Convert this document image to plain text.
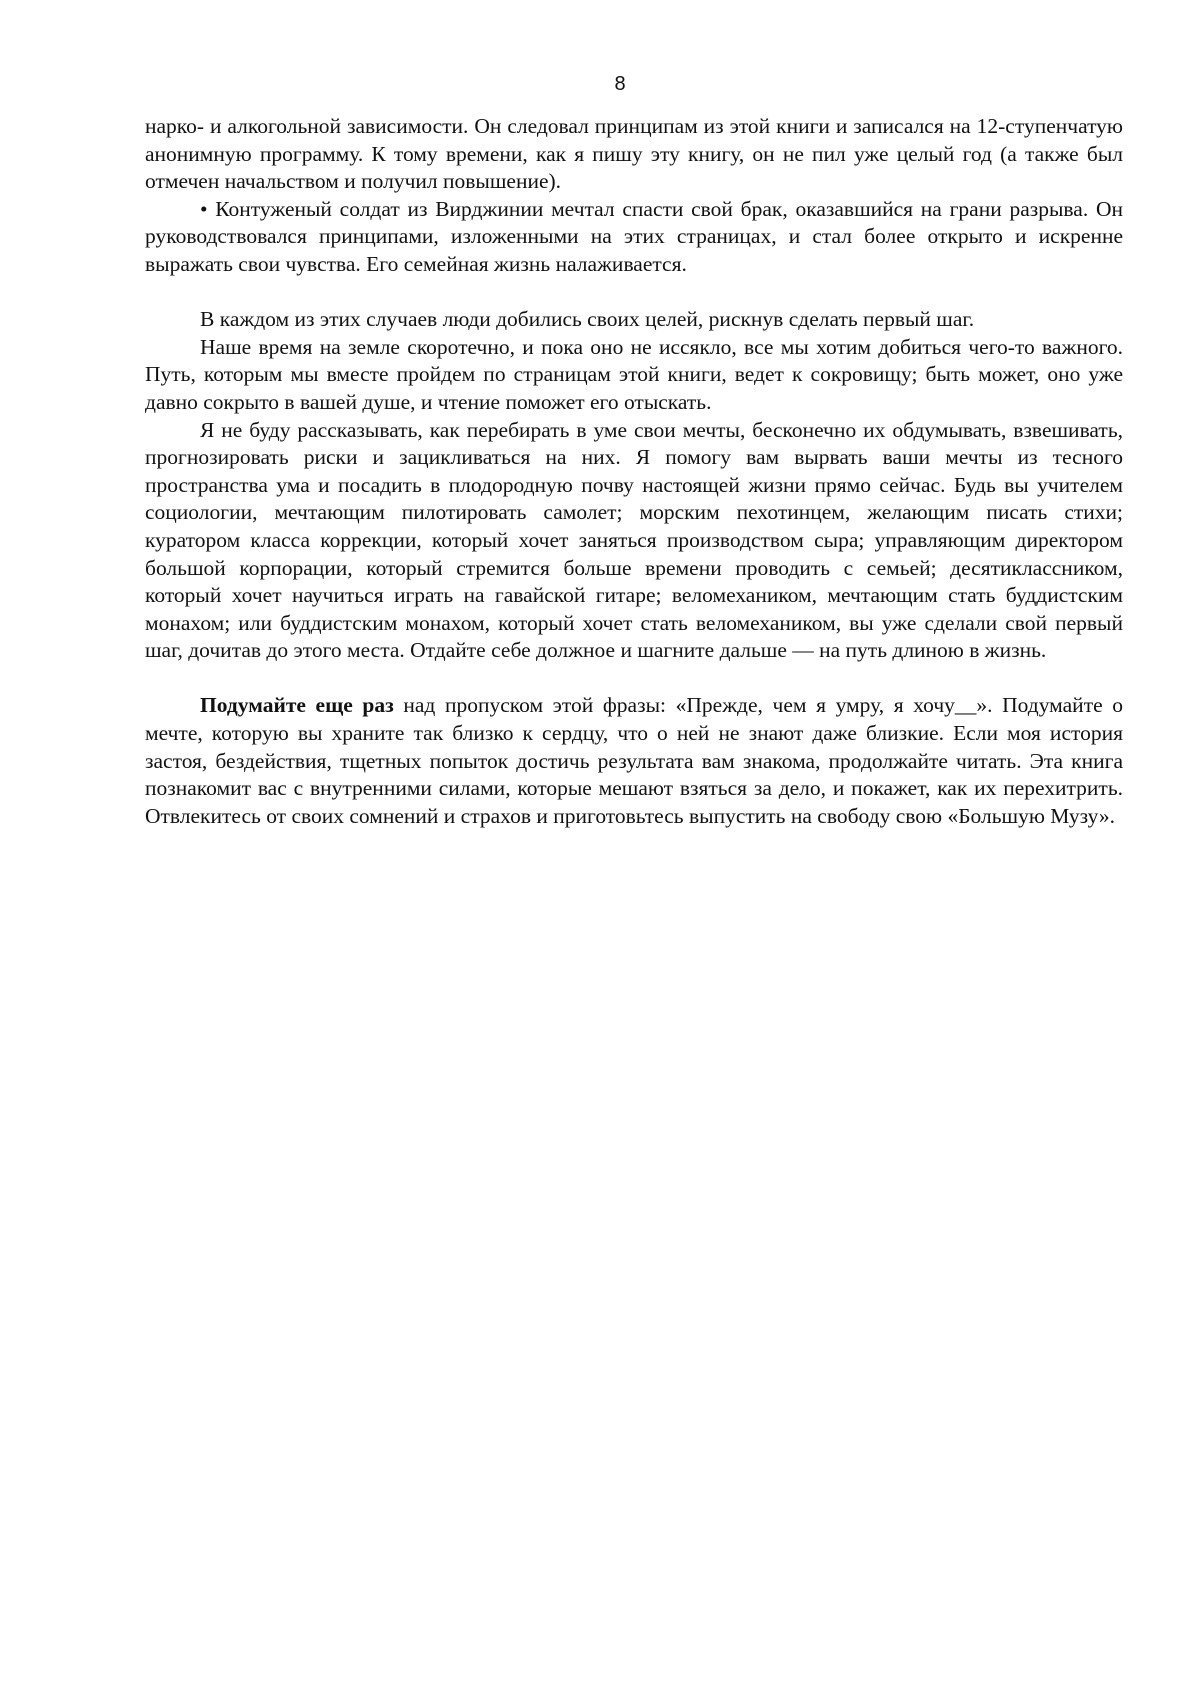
8

нарко- и алкогольной зависимости. Он следовал принципам из этой книги и записался на 12-ступенчатую анонимную программу. К тому времени, как я пишу эту книгу, он не пил уже целый год (а также был отмечен начальством и получил повышение).

• Контуженый солдат из Вирджинии мечтал спасти свой брак, оказавшийся на грани разрыва. Он руководствовался принципами, изложенными на этих страницах, и стал более открыто и искренне выражать свои чувства. Его семейная жизнь налаживается.

В каждом из этих случаев люди добились своих целей, рискнув сделать первый шаг.

Наше время на земле скоротечно, и пока оно не иссякло, все мы хотим добиться чего-то важного. Путь, которым мы вместе пройдем по страницам этой книги, ведет к сокровищу; быть может, оно уже давно сокрыто в вашей душе, и чтение поможет его отыскать.

Я не буду рассказывать, как перебирать в уме свои мечты, бесконечно их обдумывать, взвешивать, прогнозировать риски и зацикливаться на них. Я помогу вам вырвать ваши мечты из тесного пространства ума и посадить в плодородную почву настоящей жизни прямо сейчас. Будь вы учителем социологии, мечтающим пилотировать самолет; морским пехотинцем, желающим писать стихи; куратором класса коррекции, который хочет заняться производством сыра; управляющим директором большой корпорации, который стремится больше времени проводить с семьей; десятиклассником, который хочет научиться играть на гавайской гитаре; веломехаником, мечтающим стать буддистским монахом; или буддистским монахом, который хочет стать веломехаником, вы уже сделали свой первый шаг, дочитав до этого места. Отдайте себе должное и шагните дальше — на путь длиною в жизнь.

Подумайте еще раз над пропуском этой фразы: «Прежде, чем я умру, я хочу__». Подумайте о мечте, которую вы храните так близко к сердцу, что о ней не знают даже близкие. Если моя история застоя, бездействия, тщетных попыток достичь результата вам знакома, продолжайте читать. Эта книга познакомит вас с внутренними силами, которые мешают взяться за дело, и покажет, как их перехитрить. Отвлекитесь от своих сомнений и страхов и приготовьтесь выпустить на свободу свою «Большую Музу».
